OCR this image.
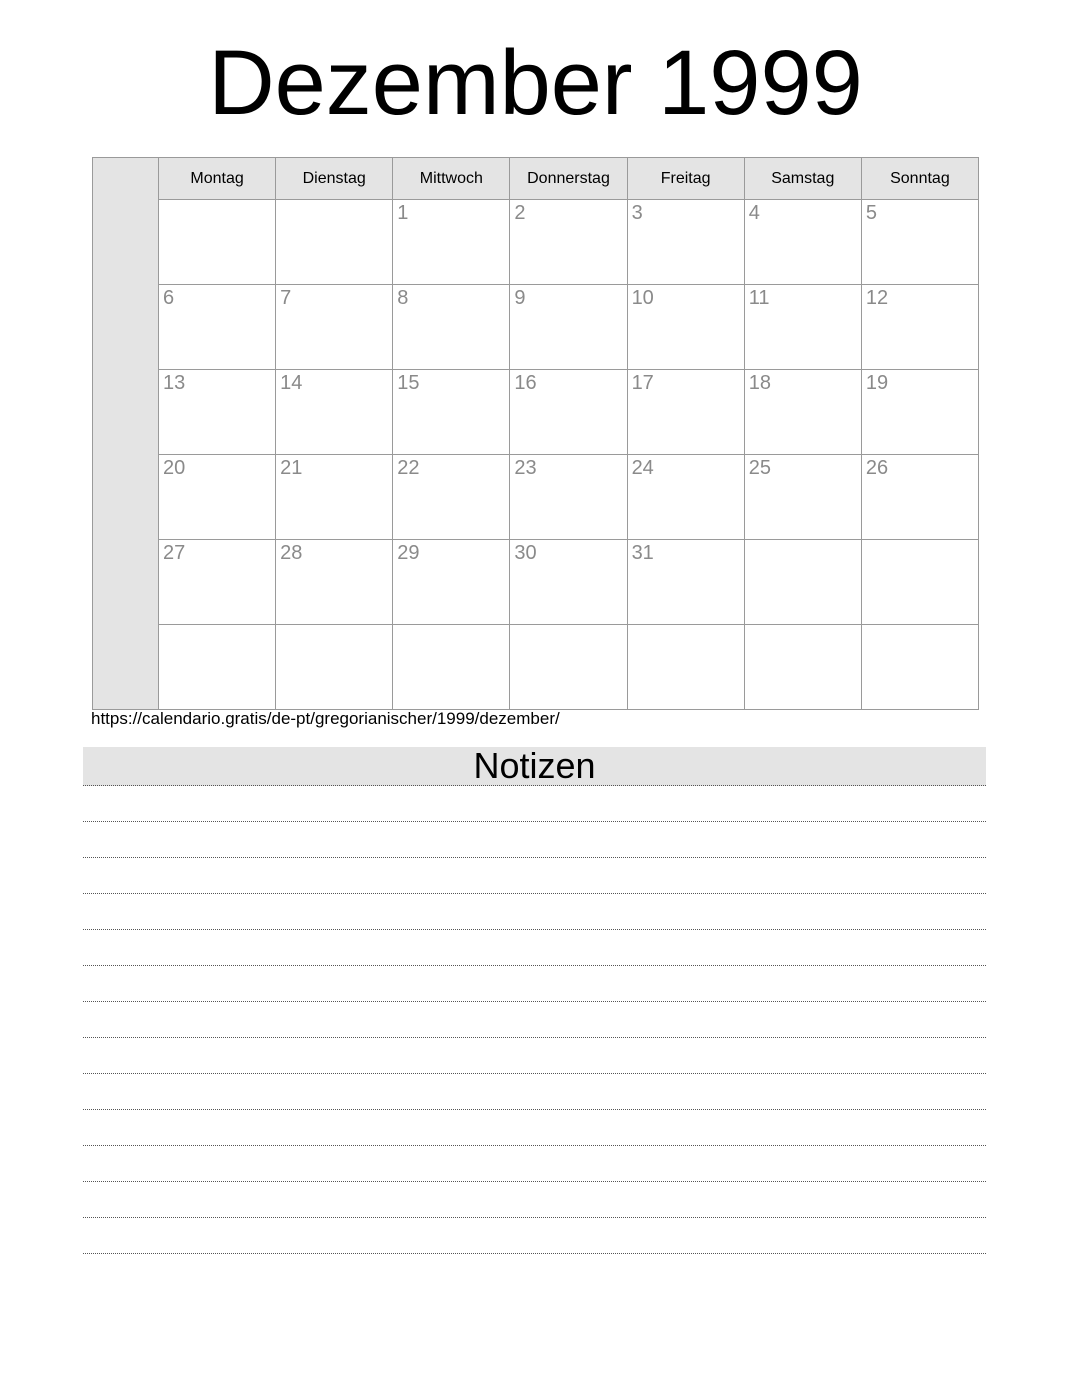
Dezember 1999
	Montag	Dienstag	Mittwoch	Donnerstag	Freitag	Samstag	Sonntag
			1	2	3	4	5
	6	7	8	9	10	11	12
	13	14	15	16	17	18	19
	20	21	22	23	24	25	26
	27	28	29	30	31		

https://calendario.gratis/de-pt/gregorianischer/1999/dezember/
Notizen
